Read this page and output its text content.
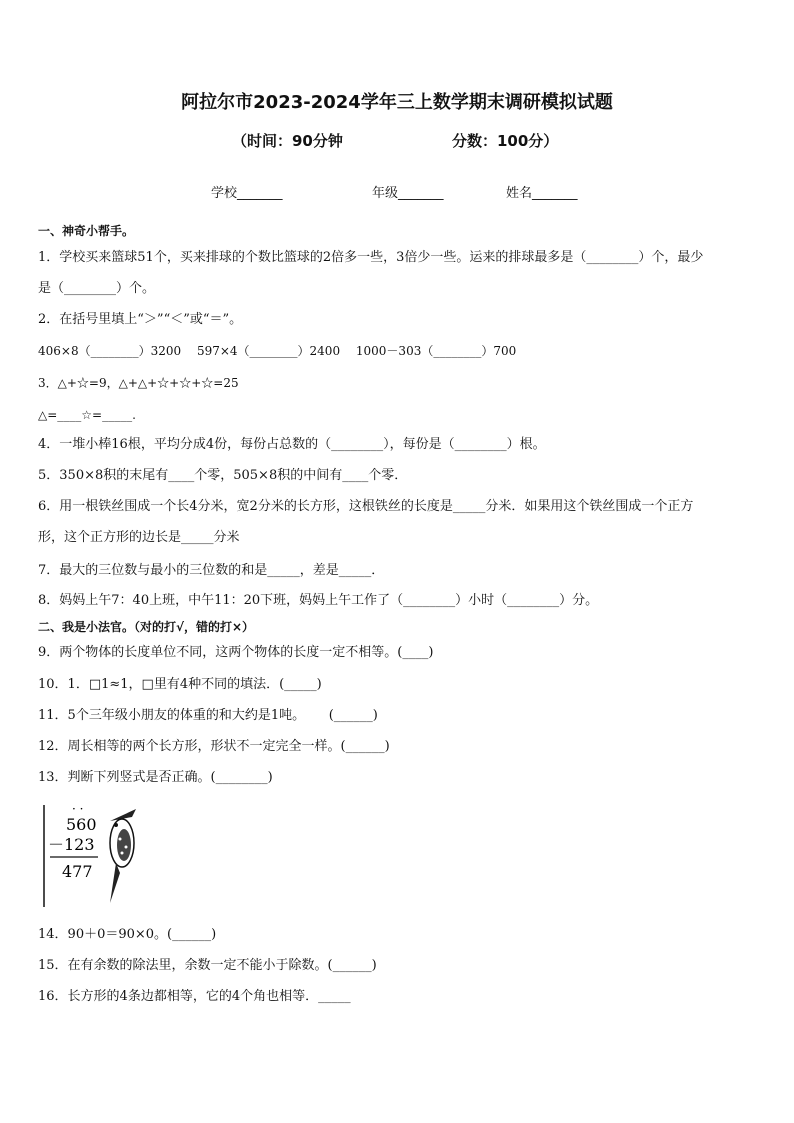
阿拉尔市2023-2024学年三上数学期末调研模拟试题
（时间：90分钟	分数：100分）
学校_______	年级_______	姓名_______
一、神奇小帮手。
1．学校买来篮球51个，买来排球的个数比篮球的2倍多一些，3倍少一些。运来的排球最多是（________）个，最少
是（________）个。
2．在括号里填上“＞”“＜”或“＝”。
406×8（________）3200　 597×4（________）2400　 1000－303（________）700
3．△+☆=9，△+△+☆+☆+☆=25
△=____☆=_____.
4．一堆小棒16根，平均分成4份，每份占总数的（________），每份是（________）根。
5．350×8积的末尾有____个零，505×8积的中间有____个零．
6．用一根铁丝围成一个长4分米，宽2分米的长方形，这根铁丝的长度是_____分米．如果用这个铁丝围成一个正方
形，这个正方形的边长是_____分米
7．最大的三位数与最小的三位数的和是_____，差是_____．
8．妈妈上午7：40上班，中午11：20下班，妈妈上午工作了（________）小时（________）分。
二、我是小法官。（对的打√，错的打×）
9．两个物体的长度单位不同，这两个物体的长度一定不相等。(____)
10．1．□1≈1，□里有4种不同的填法．(_____)
11．5个三年级小朋友的体重的和大约是1吨。　　 (______)
12．周长相等的两个长方形，形状不一定完全一样。(______)
13．判断下列竖式是否正确。(________)
· ·
560
－123
477
14．90＋0＝90×0。(______)
15．在有余数的除法里，余数一定不能小于除数。(______)
16．长方形的4条边都相等，它的4个角也相等．_____
